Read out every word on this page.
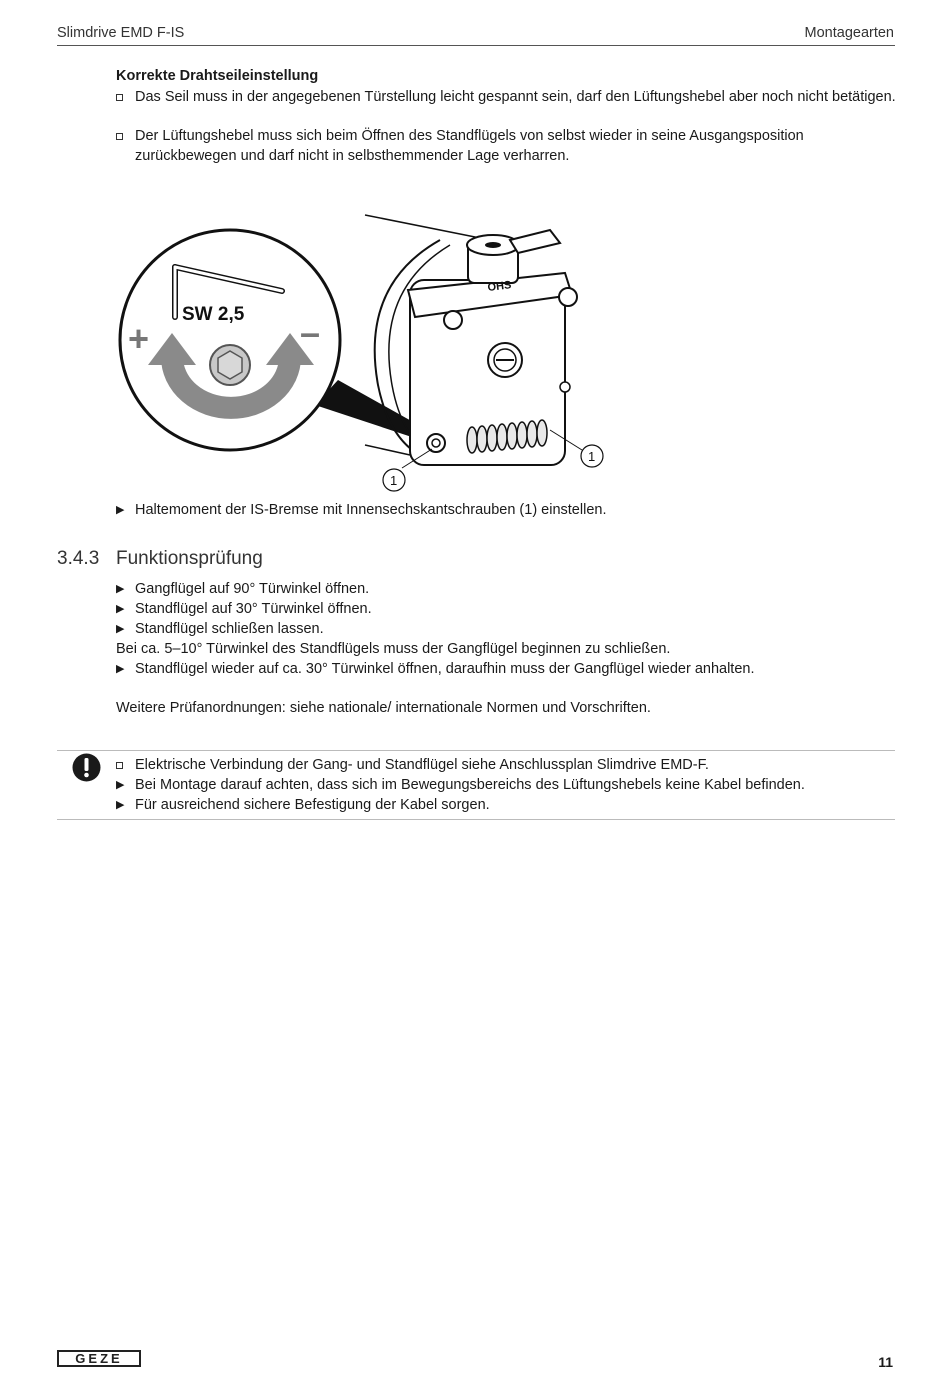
Slimdrive EMD F-IS	Montagearten
Korrekte Drahtseileinstellung
Das Seil muss in der angegebenen Türstellung leicht gespannt sein, darf den Lüftungshebel aber noch nicht betätigen.
Der Lüftungshebel muss sich beim Öffnen des Standflügels von selbst wieder in seine Ausgangsposition zurückbewegen und darf nicht in selbsthemmender Lage verharren.
SW 2,5
+	–
OHS
1
1
▶ Haltemoment der IS-Bremse mit Innensechskantschrauben (1) einstellen.
3.4.3 Funktionsprüfung
▶ Gangflügel auf 90° Türwinkel öffnen.
▶ Standflügel auf 30° Türwinkel öffnen.
▶ Standflügel schließen lassen.
Bei ca. 5–10° Türwinkel des Standflügels muss der Gangflügel beginnen zu schließen.
▶ Standflügel wieder auf ca. 30° Türwinkel öffnen, daraufhin muss der Gangflügel wieder anhalten.
Weitere Prüfanordnungen: siehe nationale/ internationale Normen und Vorschriften.
Elektrische Verbindung der Gang- und Standflügel siehe Anschlussplan Slimdrive EMD-F.
▶ Bei Montage darauf achten, dass sich im Bewegungsbereichs des Lüftungshebels keine Kabel befinden.
▶ Für ausreichend sichere Befestigung der Kabel sorgen.
GEZE	11
